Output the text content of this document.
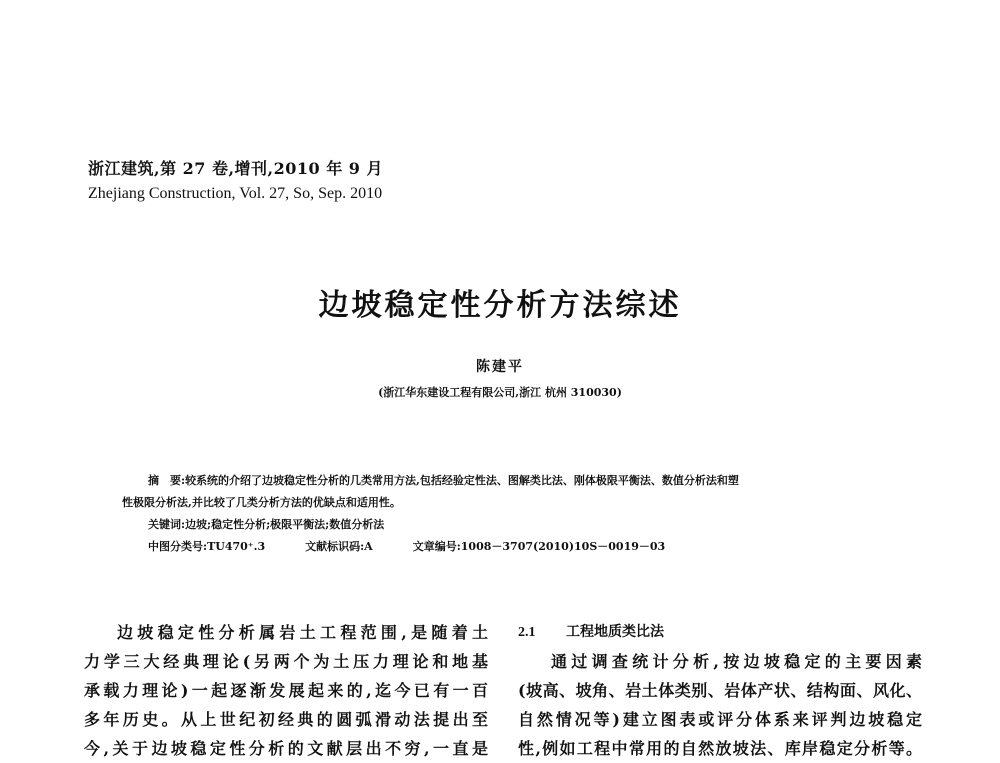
浙江建筑,第 27 卷,增刊,2010 年 9 月
Zhejiang Construction, Vol. 27, So, Sep. 2010
边坡稳定性分析方法综述
陈建平
(浙江华东建设工程有限公司,浙江 杭州 310030)
摘　要:较系统的介绍了边坡稳定性分析的几类常用方法,包括经验定性法、图解类比法、刚体极限平衡法、数值分析法和塑
性极限分析法,并比较了几类分析方法的优缺点和适用性。
关键词:边坡;稳定性分析;极限平衡法;数值分析法
中图分类号:TU470⁺.3	文献标识码:A	文章编号:1008－3707(2010)10S－0019－03
边坡稳定性分析属岩土工程范围,是随着土
力学三大经典理论(另两个为土压力理论和地基
承载力理论)一起逐渐发展起来的,迄今已有一百
多年历史。从上世纪初经典的圆弧滑动法提出至
今,关于边坡稳定性分析的文献层出不穷,一直是
2.1 工程地质类比法
通过调查统计分析,按边坡稳定的主要因素
(坡高、坡角、岩土体类别、岩体产状、结构面、风化、
自然情况等)建立图表或评分体系来评判边坡稳定
性,例如工程中常用的自然放坡法、库岸稳定分析等。
